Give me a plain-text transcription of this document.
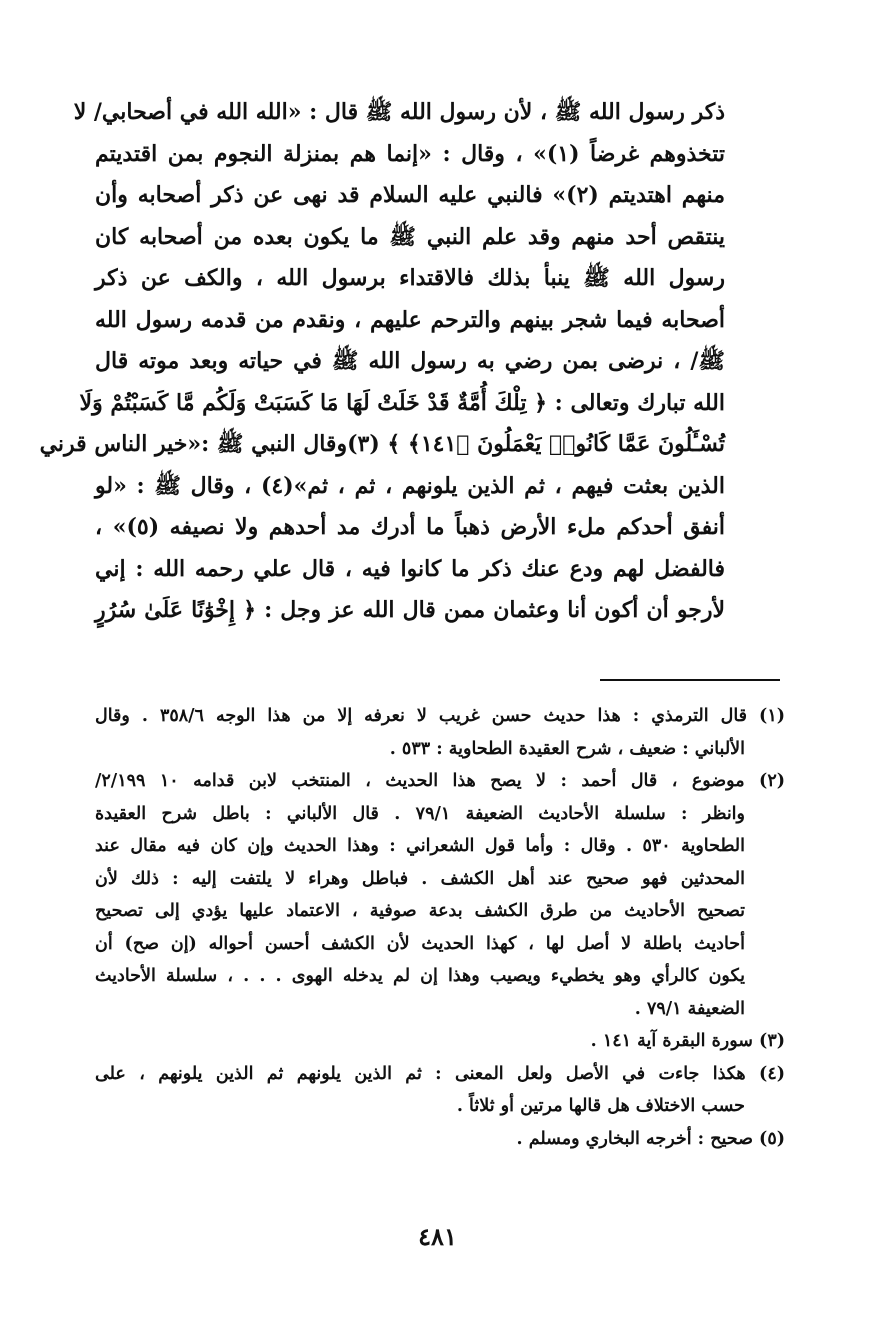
ذكر رسول الله ﷺ ، لأن رسول الله ﷺ قال : «الله الله في أصحابي/ لا

تتخذوهم غرضاً (١)» ، وقال : «إنما هم بمنزلة النجوم بمن اقتديتم

منهم اهتديتم (٢)» فالنبي عليه السلام قد نهى عن ذكر أصحابه وأن

ينتقص أحد منهم وقد علم النبي ﷺ ما يكون بعده من أصحابه كان

رسول الله ﷺ ينبأ بذلك فالاقتداء برسول الله ، والكف عن ذكر

أصحابه فيما شجر بينهم والترحم عليهم ، ونقدم من قدمه رسول الله

ﷺ/ ، نرضى بمن رضي به رسول الله ﷺ في حياته وبعد موته قال

الله تبارك وتعالى : ﴿ تِلْكَ أُمَّةٌ قَدْ خَلَتْ لَهَا مَا كَسَبَتْ وَلَكُم مَّا كَسَبْتُمْ وَلَا

تُسْـَٔلُونَ عَمَّا كَانُوا۟ يَعْمَلُونَ ﴿١٤١﴾ ﴾ (٣)وقال النبي ﷺ :«خير الناس قرني

الذين بعثت فيهم ، ثم الذين يلونهم ، ثم ، ثم»(٤) ، وقال ﷺ : «لو

أنفق أحدكم ملء الأرض ذهباً ما أدرك مد أحدهم ولا نصيفه (٥)» ،

فالفضل لهم ودع عنك ذكر ما كانوا فيه ، قال علي رحمه الله : إني

لأرجو أن أكون أنا وعثمان ممن قال الله عز وجل : ﴿ إِخْوَٰنًا عَلَىٰ سُرُرٍ

(١) قال الترمذي : هذا حديث حسن غريب لا نعرفه إلا من هذا الوجه ٣٥٨/٦ . وقال
الألباني : ضعيف ، شرح العقيدة الطحاوية : ٥٣٣ .
(٢) موضوع ، قال أحمد : لا يصح هذا الحديث ، المنتخب لابن قدامه ١٠ ٢/١٩٩/
وانظر : سلسلة الأحاديث الضعيفة ٧٩/١ . قال الألباني : باطل شرح العقيدة
الطحاوية ٥٣٠ . وقال : وأما قول الشعراني : وهذا الحديث وإن كان فيه مقال عند
المحدثين فهو صحيح عند أهل الكشف . فباطل وهراء لا يلتفت إليه : ذلك لأن
تصحيح الأحاديث من طرق الكشف بدعة صوفية ، الاعتماد عليها يؤدي إلى تصحيح
أحاديث باطلة لا أصل لها ، كهذا الحديث لأن الكشف أحسن أحواله (إن صح) أن
يكون كالرأي وهو يخطيء ويصيب وهذا إن لم يدخله الهوى . . . ، سلسلة الأحاديث
الضعيفة ٧٩/١ .
(٣) سورة البقرة آية ١٤١ .
(٤) هكذا جاءت في الأصل ولعل المعنى : ثم الذين يلونهم ثم الذين يلونهم ، على
حسب الاختلاف هل قالها مرتين أو ثلاثاً .
(٥) صحيح : أخرجه البخاري ومسلم .
٤٨١
